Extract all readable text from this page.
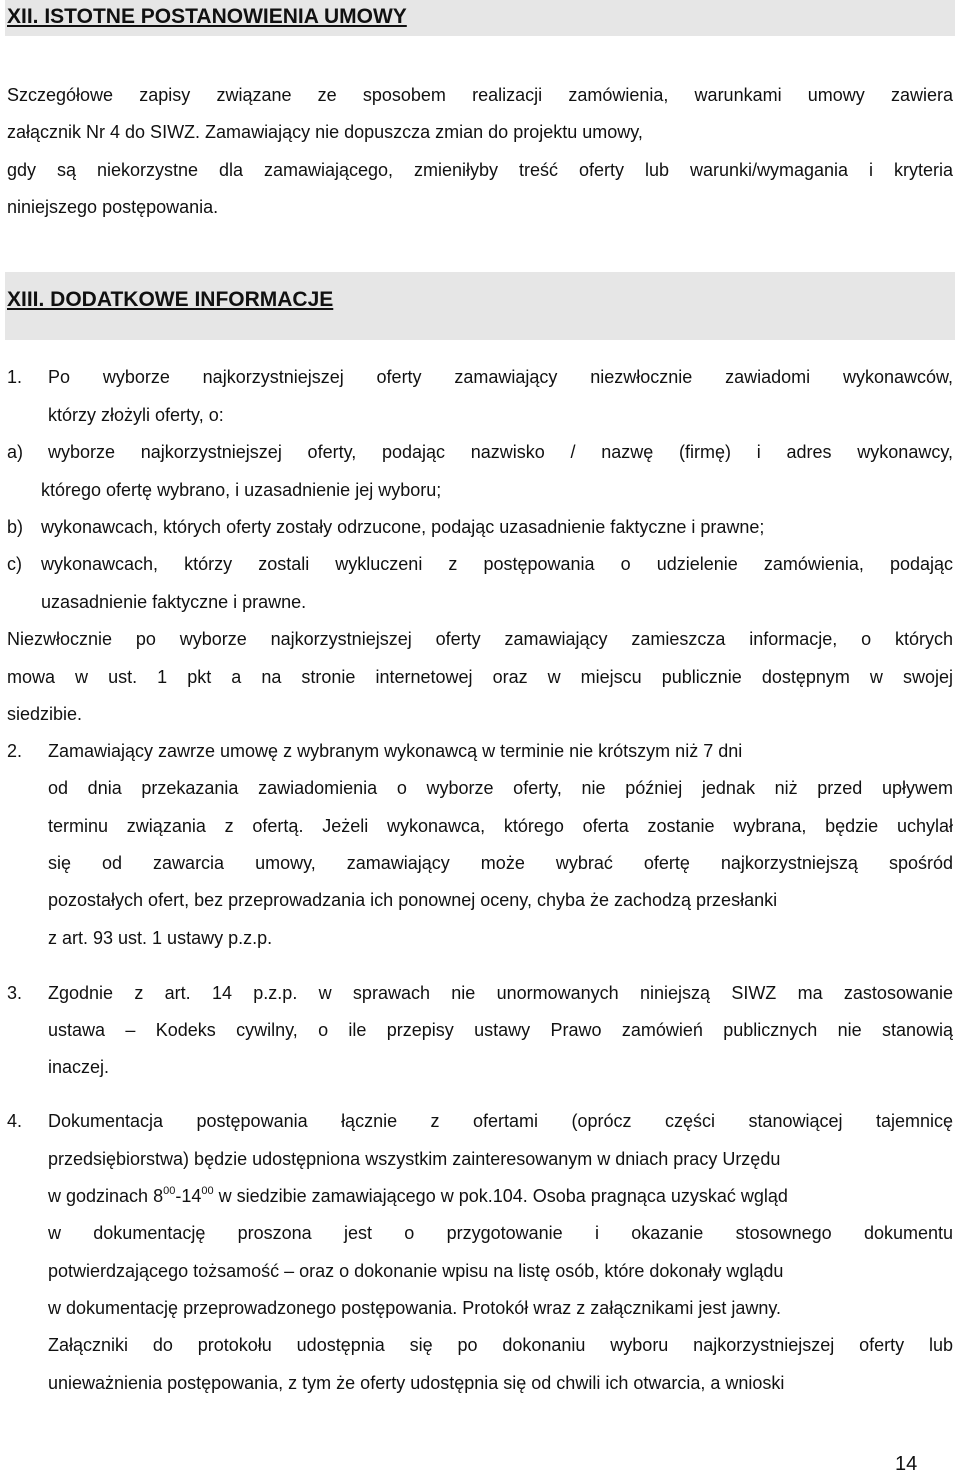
XII. ISTOTNE POSTANOWIENIA UMOWY
Szczegółowe zapisy związane ze sposobem realizacji zamówienia, warunkami umowy zawiera
załącznik Nr 4 do SIWZ. Zamawiający nie dopuszcza zmian do projektu umowy,
gdy są niekorzystne dla zamawiającego, zmieniłyby treść oferty lub warunki/wymagania i kryteria
niniejszego postępowania.
XIII. DODATKOWE INFORMACJE
1. Po wyborze najkorzystniejszej oferty zamawiający niezwłocznie zawiadomi wykonawców,
którzy złożyli oferty, o:
a) wyborze najkorzystniejszej oferty, podając nazwisko / nazwę (firmę) i adres wykonawcy,
którego ofertę wybrano, i uzasadnienie jej wyboru;
b) wykonawcach, których oferty zostały odrzucone, podając uzasadnienie faktyczne i prawne;
c) wykonawcach, którzy zostali wykluczeni z postępowania o udzielenie zamówienia, podając
uzasadnienie faktyczne i prawne.
Niezwłocznie po wyborze najkorzystniejszej oferty zamawiający zamieszcza informacje, o których
mowa w ust. 1 pkt a na stronie internetowej oraz w miejscu publicznie dostępnym w swojej
siedzibie.
2. Zamawiający zawrze umowę z wybranym wykonawcą w terminie nie krótszym niż 7 dni
od dnia przekazania zawiadomienia o wyborze oferty, nie później jednak niż przed upływem
terminu związania z ofertą. Jeżeli wykonawca, którego oferta zostanie wybrana, będzie uchylał
się od zawarcia umowy, zamawiający może wybrać ofertę najkorzystniejszą spośród
pozostałych ofert, bez przeprowadzania ich ponownej oceny, chyba że zachodzą przesłanki
z art. 93 ust. 1 ustawy p.z.p.
3. Zgodnie z art. 14 p.z.p. w sprawach nie unormowanych niniejszą SIWZ ma zastosowanie
ustawa – Kodeks cywilny, o ile przepisy ustawy Prawo zamówień publicznych nie stanowią
inaczej.
4. Dokumentacja postępowania łącznie z ofertami (oprócz części stanowiącej tajemnicę
przedsiębiorstwa) będzie udostępniona wszystkim zainteresowanym w dniach pracy Urzędu
w godzinach $8^{00}-14^{00}$ w siedzibie zamawiającego w pok.104. Osoba pragnąca uzyskać wgląd
w dokumentację proszona jest o przygotowanie i okazanie stosownego dokumentu
potwierdzającego tożsamość – oraz o dokonanie wpisu na listę osób, które dokonały wglądu
w dokumentację przeprowadzonego postępowania. Protokół wraz z załącznikami jest jawny.
Załączniki do protokołu udostępnia się po dokonaniu wyboru najkorzystniejszej oferty lub
unieważnienia postępowania, z tym że oferty udostępnia się od chwili ich otwarcia, a wnioski
14
